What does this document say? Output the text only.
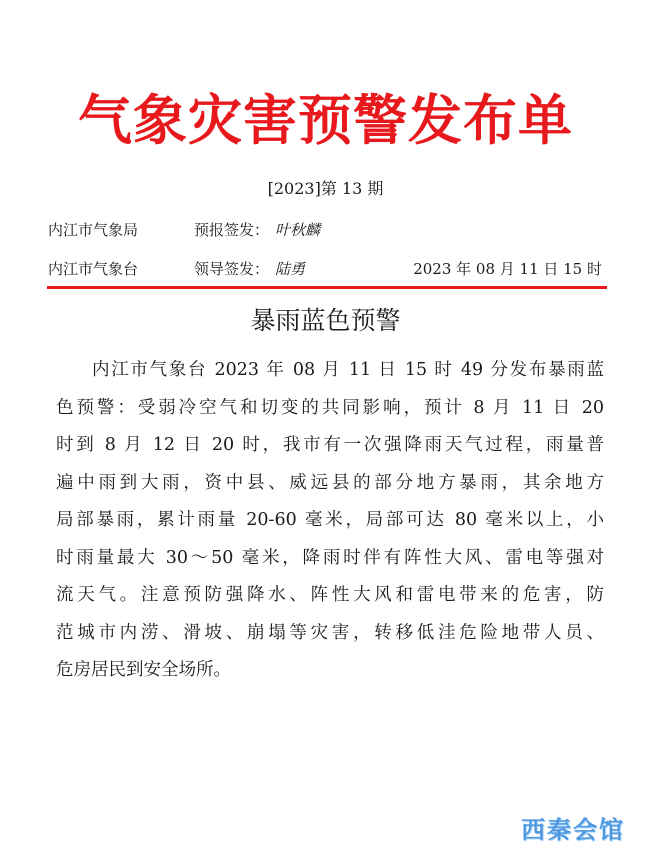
气象灾害预警发布单
[2023]第 13 期
内江市气象局	预报签发： 叶秋麟
内江市气象台	领导签发： 陆勇	2023 年 08 月 11 日 15 时
暴雨蓝色预警
内江市气象台 2023 年 08 月 11 日 15 时 49 分发布暴雨蓝
色预警：受弱冷空气和切变的共同影响，预计 8 月 11 日 20
时到 8 月 12 日 20 时，我市有一次强降雨天气过程，雨量普
遍中雨到大雨，资中县、威远县的部分地方暴雨，其余地方
局部暴雨，累计雨量 20-60 毫米，局部可达 80 毫米以上，小
时雨量最大 30～50 毫米，降雨时伴有阵性大风、雷电等强对
流天气。注意预防强降水、阵性大风和雷电带来的危害，防
范城市内涝、滑坡、崩塌等灾害，转移低洼危险地带人员、
危房居民到安全场所。
西秦会馆
